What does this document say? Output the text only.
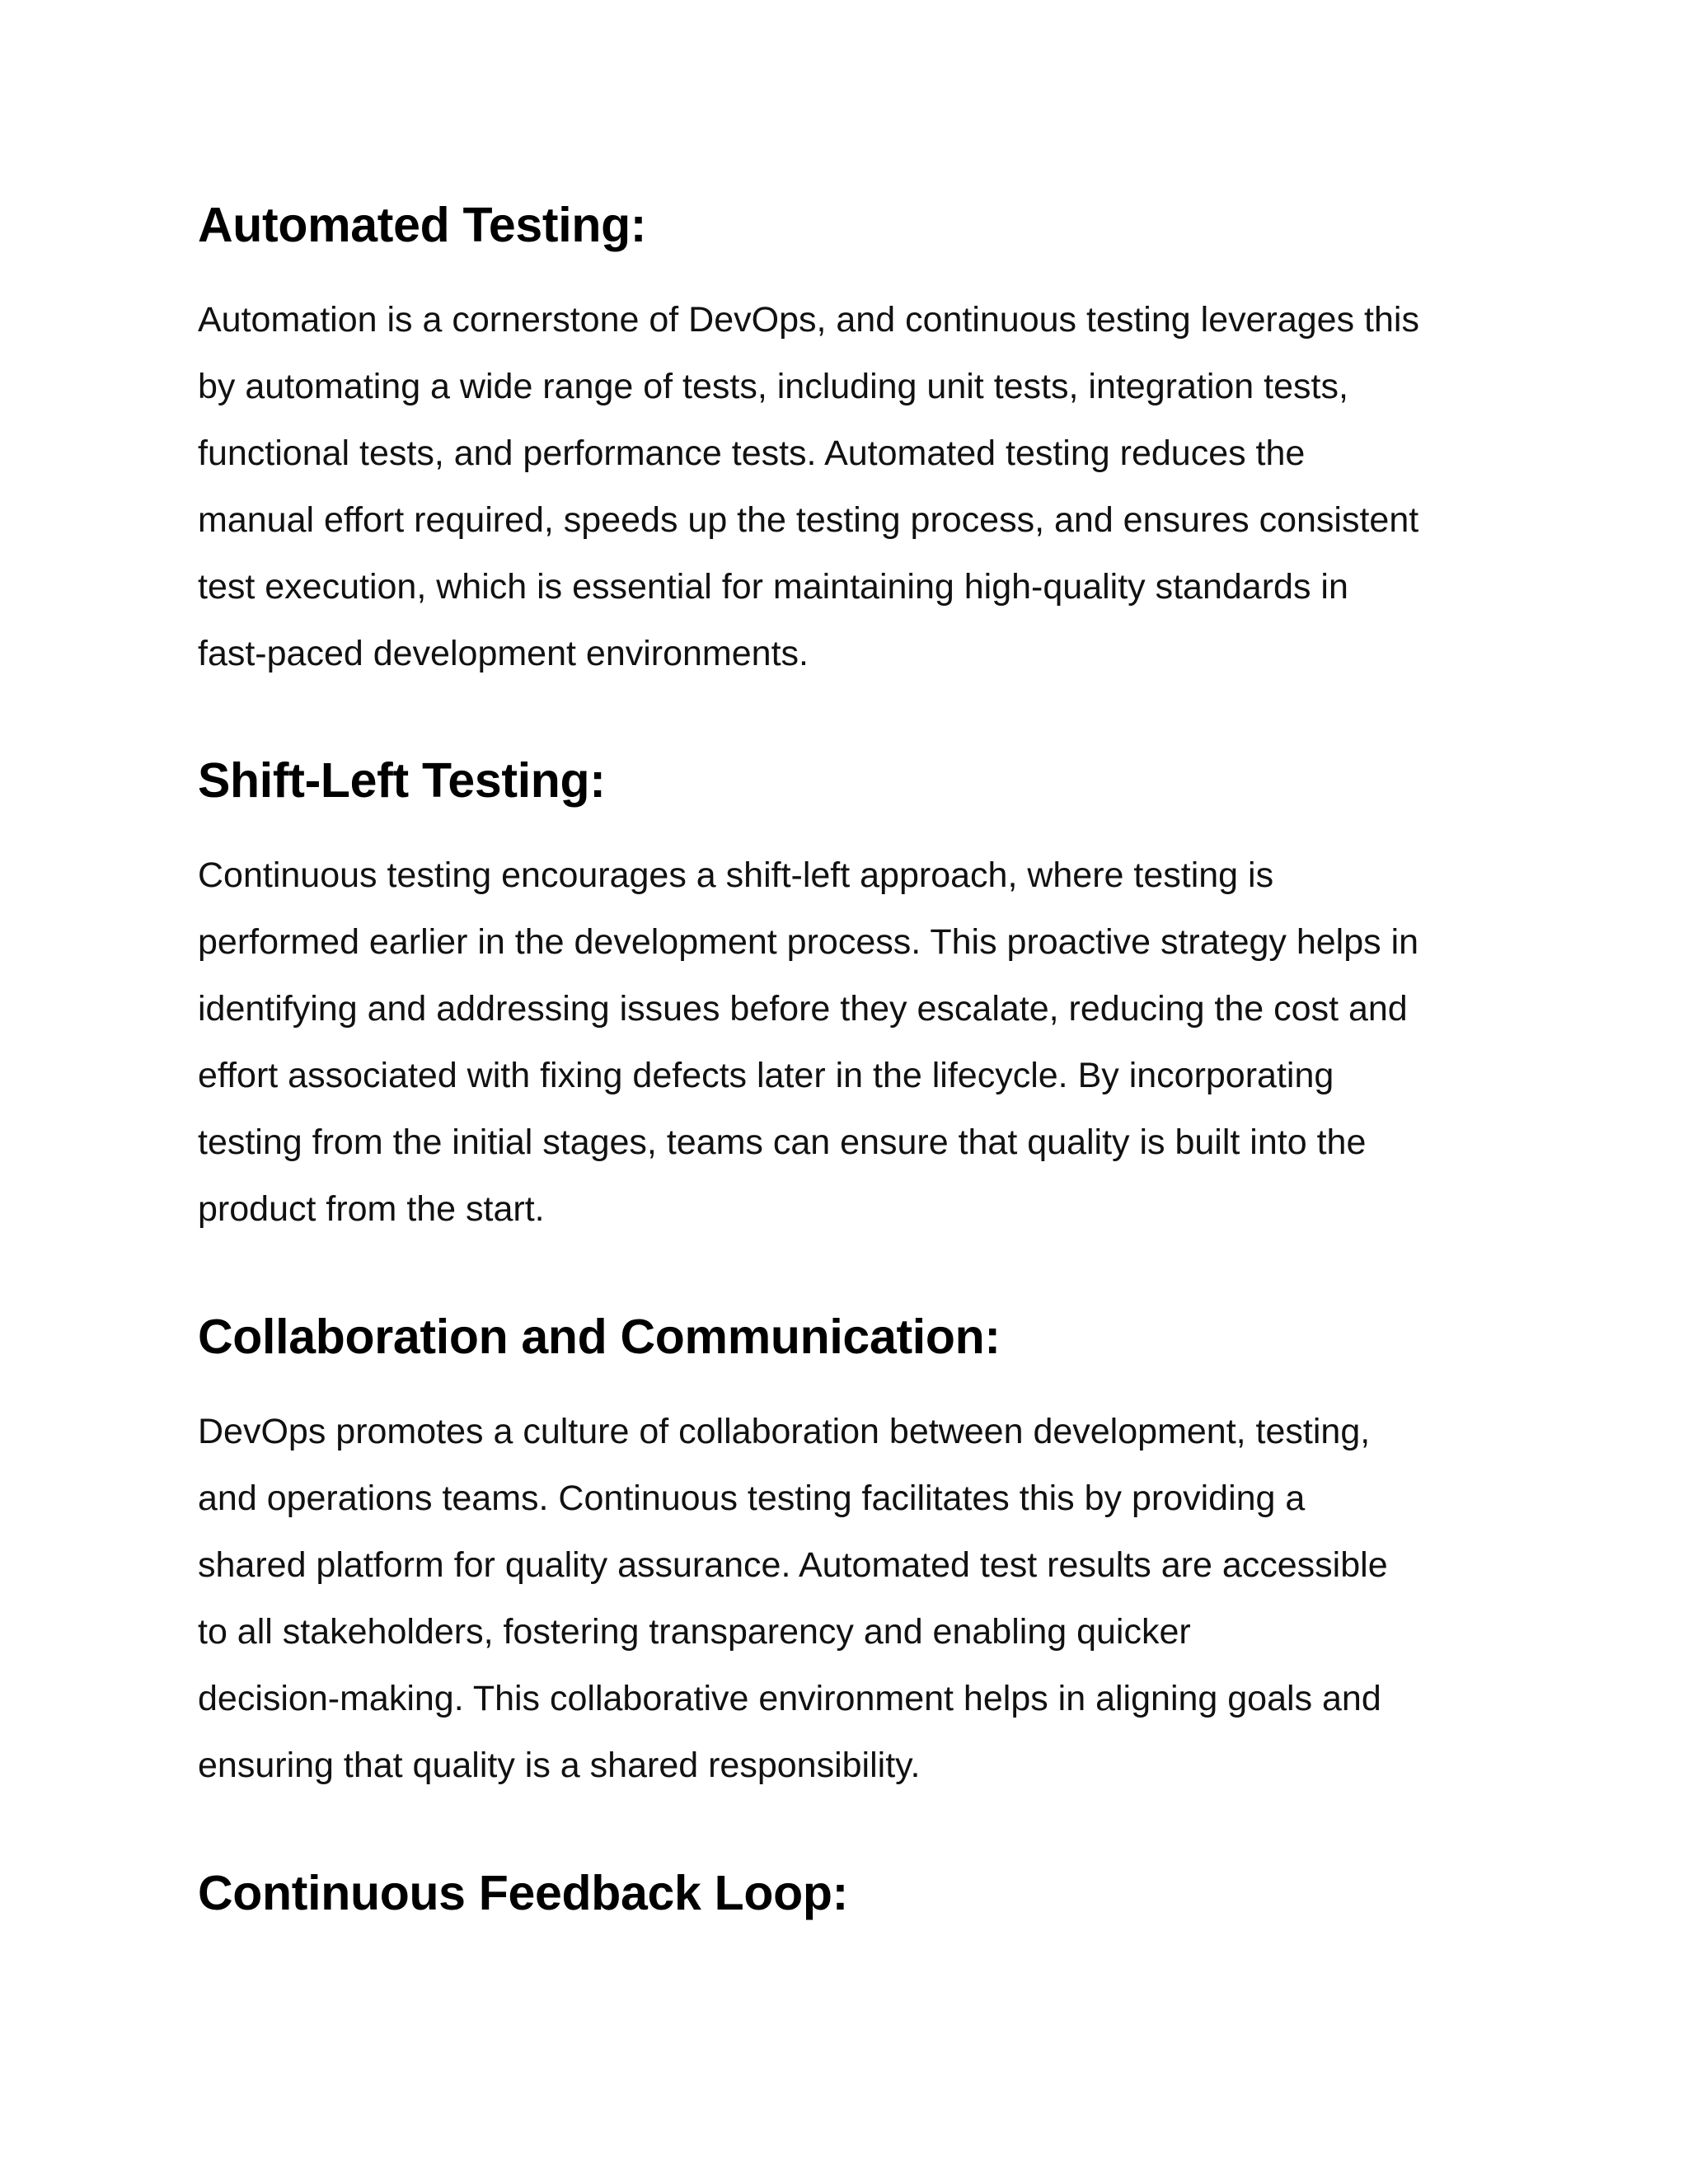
Automated Testing:

Automation is a cornerstone of DevOps, and continuous testing leverages this
by automating a wide range of tests, including unit tests, integration tests,
functional tests, and performance tests. Automated testing reduces the
manual effort required, speeds up the testing process, and ensures consistent
test execution, which is essential for maintaining high-quality standards in
fast-paced development environments.

Shift-Left Testing:

Continuous testing encourages a shift-left approach, where testing is
performed earlier in the development process. This proactive strategy helps in
identifying and addressing issues before they escalate, reducing the cost and
effort associated with fixing defects later in the lifecycle. By incorporating
testing from the initial stages, teams can ensure that quality is built into the
product from the start.

Collaboration and Communication:

DevOps promotes a culture of collaboration between development, testing,
and operations teams. Continuous testing facilitates this by providing a
shared platform for quality assurance. Automated test results are accessible
to all stakeholders, fostering transparency and enabling quicker
decision-making. This collaborative environment helps in aligning goals and
ensuring that quality is a shared responsibility.

Continuous Feedback Loop:
